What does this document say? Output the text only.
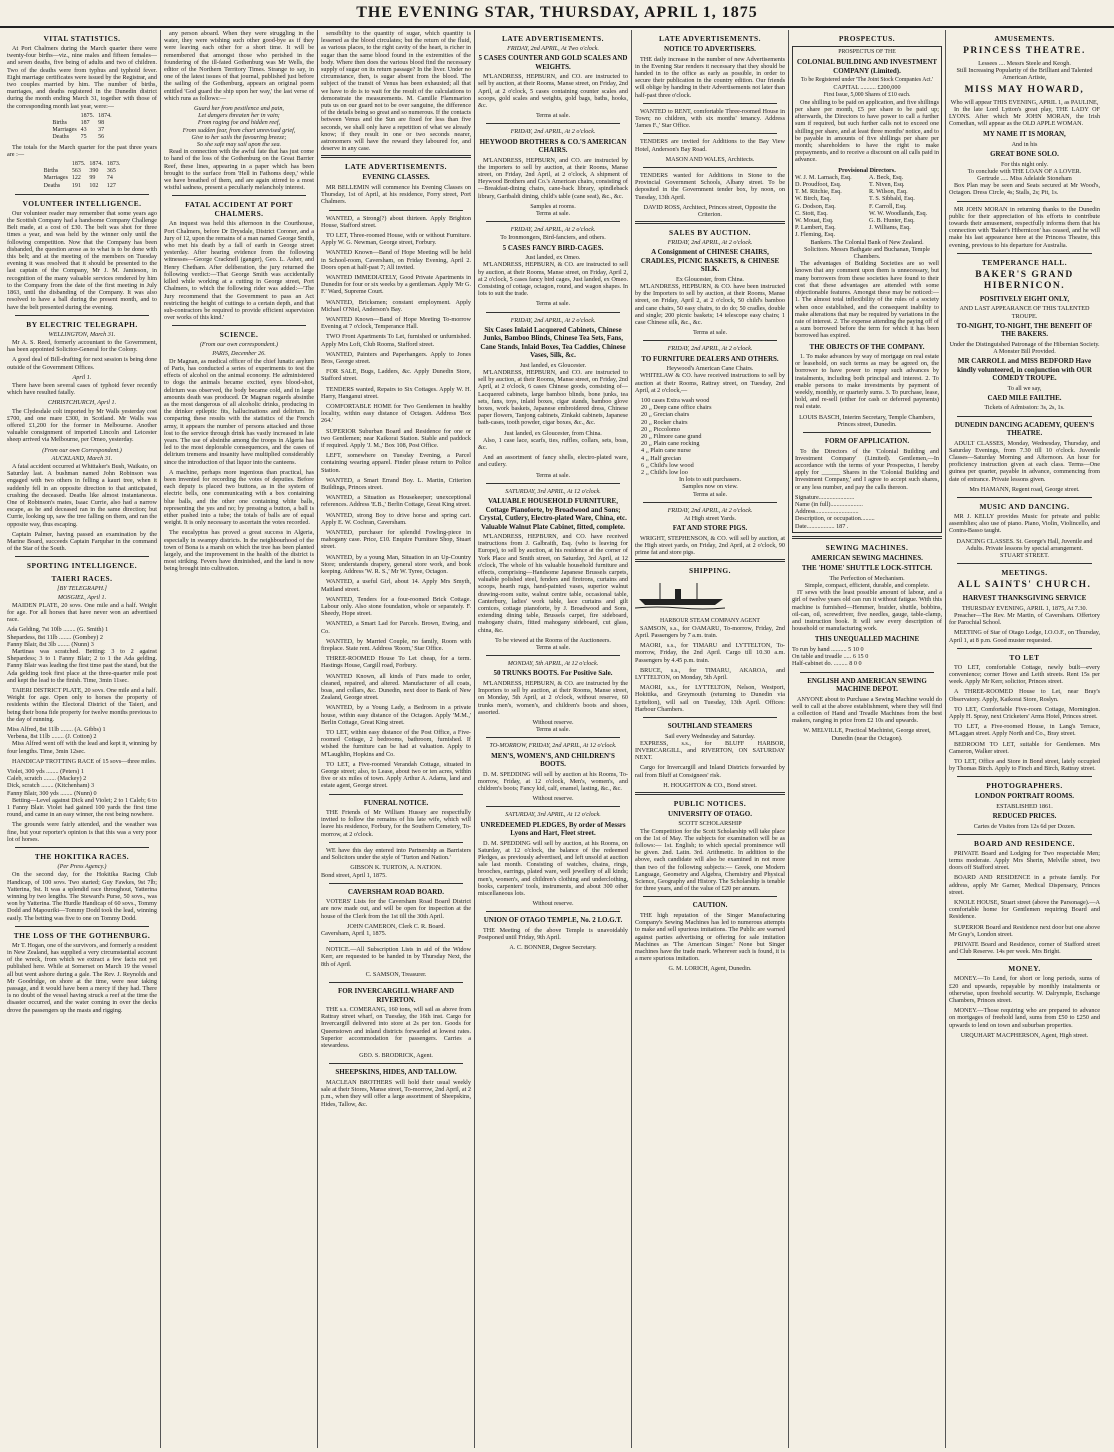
THE EVENING STAR, THURSDAY, APRIL 1, 1875
VITAL STATISTICS.

At Port Chalmers during the March quarter there were twenty-four births—viz., nine males and fifteen females—and seven deaths, five being of adults and two of children. Two of the deaths were from typhus and typhoid fever. Eight marriage certificates were issued by the Registrar, and two couples married by him. The number of births, marriages, and deaths registered in the Dunedin district during the month ending March 31, together with those of the corresponding month last year, were:—

	1875.	1874.
Births	187	98
Marriages	43	37
Deaths	75	56

The totals for the March quarter for the past three years are :—

	1875.	1874.	1873.
Births	563	390	365
Marriages	122	99	74
Deaths	191	102	127
VOLUNTEER INTELLIGENCE.

Our volunteer reader may remember that some years ago the Scottish Company had a handsome Company Challenge Belt made, at a cost of £30. The belt was shot for three times a year, and was held by the winner only until the following competition. Now that the Company has been disbanded, the question arose as to what is to be done with this belt; and at the meeting of the members on Tuesday evening it was resolved that it should be presented to the last captain of the Company, Mr J. M. Jamieson, in recognition of the many valuable services rendered by him to the Company from the date of the first meeting in July 1863, until the disbanding of the Company. It was also resolved to have a ball during the present month, and to have the belt presented during the evening.

BY ELECTRIC TELEGRAPH.
WELLINGTON, March 31.

Mr A. S. Reed, formerly accountant to the Government, has been appointed Solicitor-General for the Colony.

A good deal of Bill-drafting for next session is being done outside of the Government Offices.

April 1.

There have been several cases of typhoid fever recently which have resulted fatally.

CHRISTCHURCH, April 1.

The Clydesdale colt imported by Mr Walls yesterday cost £700, and one mare £300, in Scotland. Mr Walls was offered £1,200 for the former in Melbourne. Another valuable consignment of imported Lincoln and Leicester sheep arrived via Melbourne, per Omeo, yesterday.

(From our own Correspondent.)
AUCKLAND, March 31.

A fatal accident occurred at Whittaker's Bush, Waikato, on Saturday last. A bushman named John Robinson was engaged with two others in felling a kauri tree, when it suddenly fell in an opposite direction to that anticipated, crushing the deceased. Deaths like almost instantaneous. One of Robinson's mates, Isaac Currie, also had a narrow escape, as he and deceased ran in the same direction; but Currie, looking up, saw the tree falling on them, and ran the opposite way, thus escaping.

Captain Palmer, having passed an examination by the Marine Board, succeeds Captain Farquhar in the command of the Star of the South.

SPORTING INTELLIGENCE.
TAIERI RACES.
[BY TELEGRAPH.]
MOSGIEL, April 1.

MAIDEN PLATE, 20 sovs. One mile and a half. Weight for age. For all horses that have never won an advertised race.

Ada Gelding, 7st 10lb ........ (G. Smith) 1
Shepardess, 8st 11lb ........ (Gombey) 2
Fanny Blair, 8st 3lb ........ (Nunn) 3

Martinas was scratched. Betting: 3 to 2 against Shepardess; 3 to 1 Fanny Blair; 2 to 1 the Ada gelding. Fanny Blair was leading the first time past the stand, but the Ada gelding took first place at the three-quarter mile post and kept the lead to the finish. Time, 3min 11sec.

TAIERI DISTRICT PLATE, 20 sovs. One mile and a half. Weight for age. Open only to horses the property of residents within the Electoral District of the Taieri, and being their bona fide property for twelve months previous to the day of running.

Miss Alfred, 8st 11lb ........ (A. Gibbs) 1
Verbena, 8st 11lb ........ (J. Cotton) 2

Miss Alfred went off with the lead and kept it, winning by four lengths. Time, 3min 12sec.

HANDICAP TROTTING RACE of 15 sovs—three miles.

Violet, 300 yds ........ (Peters) 1
Caleb, scratch ........ (Mackey) 2
Dick, scratch ........ (Kitchenham) 3
Fanny Blair, 300 yds ........ (Nunn) 0

Betting—Level against Dick and Violet; 2 to 1 Caleb; 6 to 1 Fanny Blair. Violet had gained 100 yards the first time round, and came in an easy winner, the rest being nowhere.

The grounds were fairly attended, and the weather was fine, but your reporter's opinion is that this was a very poor lot of horses.

THE HOKITIKA RACES.
(Per Press Agency.)

On the second day, for the Hokitika Racing Club Handicap, of 100 sovs. Two started; Guy Fawkes, 9st 7lb; Yatterina, 9st. It was a splendid race throughout, Yatterina winning by two lengths. The Steward's Purse, 50 sovs., was won by Yatterina. The Hurdle Handicap of 60 sovs., Tommy Dodd and Mapouriki—Tommy Dodd took the lead, winning easily. The betting was five to one on Tommy Dodd.

THE LOSS OF THE GOTHENBURG.

Mr T. Hogan, one of the survivors, and formerly a resident in New Zealand, has supplied a very circumstantial account of the wreck, from which we extract a few facts not yet published here. While at Somerset on March 19 the vessel all but went ashore during a gale. The Rev. J. Reynolds and Mr Goodridge, on shore at the time, were near taking passage, and it would have been a mercy if they had. There is no doubt of the vessel having struck a reef at the time the disaster occurred, and the water coming in over the decks drove the passengers up the masts and rigging.

any person aboard. When they were struggling in the water, they were wishing such other good-bye as if they were leaving each other for a short time. It will be remembered that amongst those who perished in the foundering of the ill-fated Gothenburg was Mr Wells, the editor of the Northern Territory Times. Strange to say, in one of the latest issues of that journal, published just before the sailing of the Gothenburg, appears an original poem entitled 'God guard the ship upon her way,' the last verse of which runs as follows:—

Guard her from pestilence and pain,
Let dangers threaten her in vain;
From raging foe and hidden reef,
From sudden fear, from chart unrevised grief,
Give to her sails the favouring breeze;
So she safe may sail upon the sea.

Read in connection with the awful fate that has just come to hand of the loss of the Gothenburg on the Great Barrier Reef, these lines, appearing in a paper which has been brought to the surface from 'Hell in Fathoms deep,' while we have breathed of them, and are again stirred to a most wistful sadness, present a peculiarly melancholy interest.

FATAL ACCIDENT AT PORT CHALMERS.

An inquest was held this afternoon in the Courthouse, Port Chalmers, before Dr Drysdale, District Coroner, and a Jury of 12, upon the remains of a man named George Smith, who met his death by a fall of earth in George street yesterday. After hearing evidence from the following witnesses—George Cracknell (ganger), Geo. L. Asher, and Henry Chetham. After deliberation, the jury returned the following verdict:—That George Smith was accidentally killed while working at a cutting in George street, Port Chalmers, to which the following rider was added:—'The Jury recommend that the Government to pass an Act restricting the height of cuttings to a certain depth, and that sub-contractors be required to provide efficient supervision over works of this kind.'

SCIENCE.
(From our own correspondent.)
PARIS, December 26.

Dr Magnan, as medical officer of the chief lunatic asylum of Paris, has conducted a series of experiments to test the effects of alcohol on the animal economy. He administered to dogs the animals became excited, eyes blood-shot, delirium was observed, the body became cold, and in large amounts death was produced. Dr Magnan regards absinthe as the most dangerous of all alcoholic drinks, producing in the drinker epileptic fits, hallucinations and delirium. In comparing these results with the statistics of the French army, it appears the number of persons attacked and those lost to the service through drink has vastly increased in late years. The use of absinthe among the troops in Algeria has led to the most deplorable consequences, and the cases of delirium tremens and insanity have multiplied considerably since the introduction of that liquor into the canteens.

A machine, perhaps more ingenious than practical, has been invented for recording the votes of deputies. Before each deputy is placed two buttons, as in the system of electric bells, one communicating with a box containing blue balls, and the other one containing white balls, representing the yes and no; by pressing a button, a ball is either pushed into a tube; the totals of balls are of equal weight. It is only necessary to ascertain the votes recorded.

The eucalyptus has proved a great success in Algeria, especially in swampy districts. In the neighbourhood of the town of Bona is a marsh on which the tree has been planted largely, and the improvement in the health of the district is most striking. Fevers have diminished, and the land is now being brought into cultivation.

sensibility to the quantity of sugar, which quantity is lessened as the blood circulates; but the return of the fluid, as various places, to the right cavity of the heart, is richer in sugar than the same blood found in the extremities of the body. Where then does the various blood find the necessary supply of sugar on its return passage? In the liver. Under no circumstance, then, is sugar absent from the blood. The subject of the transit of Venus has been exhausted; all that we have to do is to wait for the result of the calculations to demonstrate the measurements. M. Camille Flammarion puts us on our guard not to be over sanguine, the difference of the details being so great and so numerous. If the contacts between Venus and the Sun are fixed for less than five seconds, we shall only have a repetition of what we already know; if they result in one or two seconds nearer, astronomers will have the reward they laboured for, and deserve in any case.

LATE ADVERTISEMENTS.
EVENING CLASSES.

MR BELLEMIN will commence his Evening Classes on Thursday, 1st of April, at his residence, Forry street, Port Chalmers.

WANTED, a Strong(?) about thirteen. Apply Brighton House, Stafford street.

TO LET, Three-roomed House, with or without Furniture. Apply W. G. Newman, George street, Forbury.

WANTED Known—Band of Hope Meeting will be held in School-room, Caversham, on Friday Evening, April 2. Doors open at half-past 7; All invited.

WANTED IMMEDIATELY, Good Private Apartments in Dunedin for four or six weeks by a gentleman. Apply 'Mr G. F.' Ward, Supreme Court.

WANTED, Bricksmen; constant employment. Apply Michael O'Niel, Anderson's Bay.

WANTED Known—Band of Hope Meeting To-morrow Evening at 7 o'clock, Temperance Hall.

TWO Front Apartments To Let, furnished or unfurnished. Apply Mrs Loft, Club Rooms, Stafford street.

WANTED, Painters and Paperhangers. Apply to Jones Bros, George street.

FOR SALE, Bugs, Ladders, &c. Apply Dunedin Store, Stafford street.

TENDERS wanted, Repairs to Six Cottages. Apply W. H. Harry, Hanganui street.

COMFORTABLE HOME for Two Gentlemen in healthy locality, within easy distance of Octagon. Address 'Box 264.'

SUPERIOR Suburban Board and Residence for one or two Gentlemen; near Kaikorai Station. Stable and paddock if required. Apply 'J. M.,' Box 108, Post Office.

LEFT, somewhere on Tuesday Evening, a Parcel containing wearing apparel. Finder please return to Police Station.

WANTED, a Smart Errand Boy. L. Martin, Criterion Buildings, Princes street.

WANTED, a Situation as Housekeeper; unexceptional references. Address 'E.B.,' Berlin Cottage, Great King street.

WANTED, strong Boy to drive horse and spring cart. Apply E. W. Cochran, Caversham.

WANTED, purchaser for splendid Fowling-piece in mahogany case. Price, £10. Enquire Furniture Shop, Stuart street.

WANTED, by a young Man, Situation in an Up-Country Store; understands drapery, general store work, and book keeping. Address 'W. R. S.,' Mr W. Tyree, Octagon.

WANTED, a useful Girl, about 14. Apply Mrs Smyth, Maitland street.

WANTED, Tenders for a four-roomed Brick Cottage. Labour only. Also stone foundation, whole or separately. F. Sheedy, Hope street.

WANTED, a Smart Lad for Parcels. Brown, Ewing, and Co.

WANTED, by Married Couple, no family, Room with fireplace. State rent. Address 'Room,' Star Office.

THREE-ROOMED House To Let cheap, for a term. Hastings House, Cargill road, Forbury.

WANTED Known, all kinds of Furs made to order, cleaned, repaired, and altered. Manufacturer of all coats, boas, and collars, &c. Dunedin, next door to Bank of New Zealand, George street.

WANTED, by a Young Lady, a Bedroom in a private house, within easy distance of the Octagon. Apply 'M.M.,' Berlin Cottage, Great King street.

TO LET, within easy distance of the Post Office, a Five-roomed Cottage, 2 bedrooms, bathroom, furnished. If wished the furniture can be had at valuation. Apply to M'Laughlin, Hopkins and Co.

TO LET, a Five-roomed Verandah Cottage, situated in George street; also, to Lease, about two or ten acres, within five or six miles of town. Apply Arthur A. Adams, land and estate agent, George street.

FUNERAL NOTICE.

THE Friends of Mr William Hussey are respectfully invited to follow the remains of his late wife, which will leave his residence, Forbury, for the Southern Cemetery, To-morrow, at 2 o'clock.

WE have this day entered into Partnership as Barristers and Solicitors under the style of 'Turton and Nation.'

GIBSON K. TURTON, A. NATION.
Bond street, April 1, 1875.
CAVERSHAM ROAD BOARD.

VOTERS' Lists for the Caversham Road Board District are now made out, and will be open for inspection at the house of the Clerk from the 1st till the 30th April.

JOHN CAMERON, Clerk C. R. Board.
Caversham, April 1, 1875.

NOTICE.—All Subscription Lists in aid of the Widow Kerr, are requested to be handed in by Thursday Next, the 8th of April.

C. SAMSON, Treasurer.
FOR INVERCARGILL WHARF AND RIVERTON.

THE s.s. COMERANG, 160 tons, will sail as above from Rattray street wharf, on Tuesday, the 16th inst. Cargo for Invercargill delivered into store at 2s per ton. Goods for Queenstown and inland districts forwarded at lowest rates. Superior accommodation for passengers. Carries a stewardess.

GEO. S. BRODRICK, Agent.
SHEEPSKINS, HIDES, AND TALLOW.

MACLEAN BROTHERS will hold their usual weekly sale at their Stores, Manse street, To-morrow, 2nd April, at 2 p.m., when they will offer a large assortment of Sheepskins, Hides, Tallow, &c.

LATE ADVERTISEMENTS.
FRIDAY, 2nd APRIL, At Two o'clock.
5 CASES COUNTER AND GOLD SCALES AND WEIGHTS.

M'LANDRESS, HEPBURN, and CO. are instructed to sell by auction, at their Rooms, Manse street, on Friday, 2nd April, at 2 o'clock, 5 cases containing counter scales and scoops, gold scales and weights, gold bags, baths, hooks, &c.

Terms at sale.
FRIDAY, 2nd APRIL, At 2 o'clock.
HEYWOOD BROTHERS & CO.'S AMERICAN CHAIRS.

M'LANDRESS, HEPBURN, and CO. are instructed by the importers to sell by auction, at their Rooms, Manse street, on Friday, 2nd April, at 2 o'clock, A shipment of Heywood Brothers and Co.'s American chairs, consisting of—Breakfast-dining chairs, cane-back library, spindleback library, Garibaldi dining, child's table (cane seat), &c., &c.

Samples at rooms.
Terms at sale.
FRIDAY, 2nd APRIL, At 2 o'clock.
To Ironmongers, Bird-fanciers, and others.
5 CASES FANCY BIRD-CAGES.
Just landed, ex Omeo.

M'LANDRESS, HEPBURN, & CO. are instructed to sell by auction, at their Rooms, Manse street, on Friday, April 2, at 2 o'clock, 5 cases fancy bird cages, Just landed, ex Omeo. Consisting of cottage, octagon, round, and wagon shapes. In lots to suit the trade.

Terms at sale.
FRIDAY, 2nd APRIL, At 2 o'clock.
Six Cases Inlaid Lacquered Cabinets, Chinese Junks, Bamboo Blinds, Chinese Tea Sets, Fans, Cane Stands, Inlaid Boxes, Tea Caddies, Chinese Vases, Silk, &c.
Just landed, ex Gloucester.

M'LANDRESS, HEPBURN, and CO. are instructed to sell by auction, at their Rooms, Manse street, on Friday, 2nd April, at 2 o'clock, 6 cases Chinese goods, consisting of—Lacquered cabinets, large bamboo blinds, bone junks, tea sets, fans, toys, inlaid boxes, cigar stands, bamboo glove boxes, work baskets, Japanese embroidered dress, Chinese paper flowers, Tanjong cabinets, Zinkaki cabinets, Japanese bath-cases, tooth powder, cigar boxes, &c., &c.

Just landed, ex Gloucester, from China.

Also, 1 case lace, scarfs, ties, ruffles, collars, sets, boas, &c.

And an assortment of fancy shells, electro-plated ware, and cutlery.

Terms at sale.
SATURDAY, 3rd APRIL, At 12 o'clock.
VALUABLE HOUSEHOLD FURNITURE, Cottage Pianoforte, by Broadwood and Sons; Crystal, Cutlery, Electro-plated Ware, China, etc. Valuable Walnut Plate Cabinet, fitted, complete.

M'LANDRESS, HEPBURN, and CO. have received instructions from J. Galbraith, Esq. (who is leaving for Europe), to sell by auction, at his residence at the corner of York Place and Smith street, on Saturday, 3rd April, at 12 o'clock, The whole of his valuable household furniture and effects, comprising—Handsome Japanese Brussels carpets, valuable polished steel, fenders and fireirons, curtains and scoops, hearth rugs, hand-painted vases, superior walnut drawing-room suite, walnut centre table, occasional table, Canterbury, ladies' work table, lace curtains and gilt cornices, cottage pianoforte, by J. Broadwood and Sons, extending dining table, Brussels carpet, fire sideboard, mahogany chairs, fitted mahogany sideboard, cut glass, china, &c.

To be viewed at the Rooms of the Auctioneers.
Terms at sale.
MONDAY, 5th APRIL, At 12 o'clock.
50 TRUNKS BOOTS. For Positive Sale.

M'LANDRESS, HEPBURN, & CO. are instructed by the Importers to sell by auction, at their Rooms, Manse street, on Monday, 5th April, at 2 o'clock, without reserve, 60 trunks men's, women's, and children's boots and shoes, assorted.

Without reserve.
Terms at sale.
TO-MORROW, FRIDAY, 2nd APRIL, At 12 o'clock.
MEN'S, WOMEN'S, AND CHILDREN'S BOOTS.

D. M. SPEDDING will sell by auction at his Rooms, To-morrow, Friday, at 12 o'clock, Men's, women's, and children's boots; Fancy kid, calf, enamel, lasting, &c., &c.

Without reserve.
SATURDAY, 3rd APRIL, At 12 o'clock.
UNREDEEMED PLEDGES, By order of Messrs Lyons and Hart, Fleet street.

D. M. SPEDDING will sell by auction, at his Rooms, on Saturday, at 12 o'clock, the balance of the redeemed Pledges, as previously advertised, and left unsold at auction sale last month. Consisting of watches, chains, rings, brooches, earrings, plated ware, well jewellery of all kinds; men's, women's, and children's clothing and underclothing, books, carpenters' tools, instruments, and about 300 other miscellaneous lots.

Without reserve.
UNION OF OTAGO TEMPLE, No. 2 I.O.G.T.

THE Meeting of the above Temple is unavoidably Postponed until Friday, 9th April.

A. C. BONNER, Degree Secretary.
LATE ADVERTISEMENTS.
NOTICE TO ADVERTISERS.

THE daily increase in the number of new Advertisements in the Evening Star renders it necessary that they should be handed in to the office as early as possible, in order to secure their publication in the country edition. Our friends will oblige by handing in their Advertisements not later than half-past three o'clock.

WANTED to RENT, comfortable Three-roomed House in Town; no children, with six months' tenancy. Address 'James F.,' Star Office.

TENDERS are invited for Additions to the Bay View Hotel, Anderson's Bay Road.

MASON AND WALES, Architects.

TENDERS wanted for Additions in Stone to the Provincial Government Schools, Albany street. To be deposited in the Government tender box, by noon, on Tuesday, 13th April.

DAVID ROSS, Architect, Princes street, Opposite the Criterion.
SALES BY AUCTION.
FRIDAY, 2nd APRIL, At 2 o'clock.
A Consignment of CHINESE CHAIRS, CRADLES, PICNIC BASKETS, & CHINESE SILK.
Ex Gloucester, from China.

M'LANDRESS, HEPBURN, & CO. have been instructed by the Importers to sell by auction, at their Rooms, Manse street, on Friday, April 2, at 2 o'clock, 50 child's bamboo and cane chairs, 50 easy chairs, to do do; 50 cradles, double and single; 200 picnic baskets; 14 telescope easy chairs; 1 case Chinese silk, &c., &c.

Terms at sale.
FRIDAY, 2nd APRIL, At 2 o'clock.
TO FURNITURE DEALERS AND OTHERS.
Heywood's American Cane Chairs.

WHITELAW & CO. have received instructions to sell by auction at their Rooms, Rattray street, on Tuesday, 2nd April, at 2 o'clock,—

100 cases Extra wash wood
20 ,, Deep cane office chairs
20 ,, Grecian chairs
20 ,, Rocker chairs
20 ,, Piccolomo
20 ,, Filmore cane grand
20 ,, Plain cane rocking
4 ,, Plain cane nurse
4 ,, Half grecian
6 ,, Child's low wood
2 ,, Child's low loo
In lots to suit purchasers.
Samples now on view.
Terms at sale.
FRIDAY, 2nd APRIL, At 2 o'clock.
At High street Yards.
FAT AND STORE PIGS.

WRIGHT, STEPHENSON, & CO. will sell by auction, at the High street yards, on Friday, 2nd April, at 2 o'clock, 90 prime fat and store pigs.

SHIPPING.
HARBOUR STEAM COMPANY AGENT

SAMSON, s.s., for OAMARU, To-morrow, Friday, 2nd April. Passengers by 7 a.m. train.

MAORI, s.s., for TIMARU and LYTTELTON, To-morrow, Friday, the 2nd April. Cargo till 10.30 a.m. Passengers by 4.45 p.m. train.

BRUCE, s.s., for TIMARU, AKAROA, and LYTTELTON, on Monday, 5th April.

MAORI, s.s., for LYTTELTON, Nelson, Westport, Hokitika, and Greymouth (returning to Dunedin via Lyttelton), will sail on Tuesday, 13th April. Offices: Harbour Chambers.

SOUTHLAND STEAMERS
Sail every Wednesday and Saturday.

EXPRESS, s.s., for BLUFF HARBOR, INVERCARGILL, and RIVERTON, ON SATURDAY NEXT.

Cargo for Invercargill and Inland Districts forwarded by rail from Bluff at Consignees' risk.

H. HOUGHTON & CO., Bond street.
PUBLIC NOTICES.
UNIVERSITY OF OTAGO.
SCOTT SCHOLARSHIP

The Competition for the Scott Scholarship will take place on the 1st of May. The subjects for examination will be as follows:— 1st. English; to which special prominence will be given. 2nd. Latin. 3rd. Arithmetic. In addition to the above, each candidate will also be examined in not more than two of the following subjects:— Greek, one Modern Language, Geometry and Algebra, Chemistry and Physical Science, Geography and History. The Scholarship is tenable for three years, and of the value of £20 per annum.

CAUTION.

THE high reputation of the Singer Manufacturing Company's Sewing Machines has led to numerous attempts to make and sell spurious imitations. The Public are warned against parties advertising or offering for sale imitation Machines as 'The American Singer.' None but Singer machines have the trade mark. Wherever such is found, it is a mere spurious imitation.

G. M. LORICH, Agent, Dunedin.
PROSPECTUS.
PROSPECTUS OF THE
COLONIAL BUILDING AND INVESTMENT COMPANY (Limited).
To be Registered under 'The Joint Stock Companies Act.'
CAPITAL .......... £200,000
First Issue, 5,000 Shares of £10 each.

One shilling to be paid on application, and five shillings per share per month, £5 per share to be paid up; afterwards, the Directors to have power to call a further sum if required, but such further calls not to exceed one shilling per share, and at least three months' notice, and to be payable in amounts of five shillings per share per month; shareholders to have the right to make prepayments, and to receive a discount on all calls paid in advance.

Provisional Directors.
W. J. M. Larnach, Esq.
D. Proudfoot, Esq.
T. M. Ritchie, Esq.
W. Birch, Esq.
G. Dodson, Esq.
C. Stott, Esq.
W. Mouat, Esq.
P. Lambert, Esq.
J. Fleming, Esq.
A. Beck, Esq.
T. Niven, Esq.
R. Wilson, Esq.
T. S. Sibbald, Esq.
F. Carroll, Esq.
W. W. Woodlands, Esq.
G. B. Hunter, Esq.
J. Williams, Esq.
Bankers. The Colonial Bank of New Zealand.
Solicitors. Messrs Bathgate and Buchanan, Temple Chambers.

The advantages of Building Societies are so well known that any comment upon them is unnecessary, but many borrowers from these societies have found to their cost that these advantages are attended with some objectionable features. Amongst these may be noticed:— 1. The almost total inflexibility of the rules of a society when once established, and the consequent inability to make alterations that may be required by variations in the rate of interest. 2. The expense attending the paying off of a sum borrowed before the term for which it has been borrowed has expired.

THE OBJECTS OF THE COMPANY.

1. To make advances by way of mortgage on real estate or leasehold, on such terms as may be agreed on, the borrower to have power to repay such advances by instalments, including both principal and interest. 2. To enable persons to make investments by payment of weekly, monthly, or quarterly sums. 3. To purchase, lease, hold, and re-sell (either for cash or deferred payments) real estate.

LOUIS BASCH, Interim Secretary, Temple Chambers, Princes street, Dunedin.
FORM OF APPLICATION.

To the Directors of the 'Colonial Building and Investment Company' (Limited). Gentlemen,—In accordance with the terms of your Prospectus, I hereby apply for ______ Shares in the 'Colonial Building and Investment Company,' and I agree to accept such shares, or any less number, and pay the calls thereon.

Signature.......................
Name (in full).....................
Address............................
Description, or occupation.........
Date.................. 187 .
SEWING MACHINES.
AMERICAN SEWING MACHINES.
THE 'HOME' SHUTTLE LOCK-STITCH.
The Perfection of Mechanism.
Simple, compact, efficient, durable, and complete.

IT sews with the least possible amount of labour, and a girl of twelve years old can run it without fatigue. With this machine is furnished—Hemmer, braider, shuttle, bobbins, oil-can, oil, screwdriver, five needles, gauge, table-clamp, and instruction book. It will sew every description of household or manufacturing work.

THIS UNEQUALLED MACHINE
To run by hand .......... 5 10 0
On table and treadle ..... 6 15 0
Half-cabinet do. ......... 8 0 0
ENGLISH AND AMERICAN SEWING MACHINE DEPOT.

ANYONE about to Purchase a Sewing Machine would do well to call at the above establishment, where they will find a collection of Hand and Treadle Machines from the best makers, ranging in price from £2 10s and upwards.

W. MELVILLE, Practical Machinist, George street, Dunedin (near the Octagon).
AMUSEMENTS.
PRINCESS THEATRE.
Lessees .... Messrs Steele and Keogh.
Still Increasing Popularity of the Brilliant and Talented American Artiste,
MISS MAY HOWARD,
Who will appear THIS EVENING, APRIL 1, as PAULINE,

In the late Lord Lytton's great play, THE LADY OF LYONS. After which Mr JOHN MORAN, the Irish Comedian, will appear as the OLD APPLE WOMAN.

MY NAME IT IS MORAN,
And in his
GREAT BONE SOLO.
For this night only.
To conclude with THE LOAN OF A LOVER.
Gertrude ..... Miss Adelaide Stoneham

Box Plan may be seen and Seats secured at Mr Wood's, Octagon. Dress Circle, 4s; Stalls, 2s; Pit, 1s.

MR JOHN MORAN in returning thanks to the Dunedin public for their appreciation of his efforts to contribute towards their amusement, respectfully informs them that his connection with 'Baker's Hibernicon' has ceased, and he will make his last appearance here at the Princess Theatre, this evening, previous to his departure for Australia.

TEMPERANCE HALL.
BAKER'S GRAND HIBERNICON.
POSITIVELY EIGHT ONLY,
AND LAST APPEARANCE OF THIS TALENTED TROUPE.
TO-NIGHT, TO-NIGHT, THE BENEFIT OF THE BAKERS.
Under the Distinguished Patronage of the Hibernian Society.
A Monster Bill Provided.
MR CARROLL and MISS BEDFORD Have kindly volunteered, in conjunction with OUR COMEDY TROUPE.
To all we say,
CAED MILE FAILTHE.
Tickets of Admission: 3s, 2s, 1s.
DUNEDIN DANCING ACADEMY, QUEEN'S THEATRE.

ADULT CLASSES, Monday, Wednesday, Thursday, and Saturday Evenings, from 7.30 till 10 o'clock. Juvenile Classes—Saturday Morning and Afternoon. An hour for proficiency instruction given at each class. Terms—One guinea per quarter, payable in advance, commencing from date of entrance. Private lessons given.

Mrs HAMANN, Regent road, George street.
MUSIC AND DANCING.

MR J. KELLY provides Music for private and public assemblies; also use of piano. Piano, Violin, Violincello, and Contra-Basso taught.

DANCING CLASSES. St. George's Hall, Juvenile and Adults. Private lessons by special arrangement.
STUART STREET.
MEETINGS.
ALL SAINTS' CHURCH.
HARVEST THANKSGIVING SERVICE
THURSDAY EVENING, APRIL 1, 1875, At 7.30.

Preacher—The Rev. Mr Martin, of Caversham. Offertory for Parochial School.

MEETING of Star of Otago Lodge, I.O.O.F., on Thursday, April 1, at 8 p.m. Good muster requested.

TO LET

TO LET, comfortable Cottage, newly built—every convenience; corner Howe and Leith streets. Rent 15s per week. Apply Mr Kerr, solicitor, Princes street.

A THREE-ROOMED House to Let, near Bray's Observatory. Apply, Kaikorai Store, Roslyn.

TO LET, Comfortable Five-room Cottage, Mornington. Apply H. Spray, next Cricketers' Arms Hotel, Princes street.

TO LET, a Five-roomed House, in Lang's Terrace, M'Laggan street. Apply North and Co., Bray street.

BEDROOM TO LET, suitable for Gentlemen. Mrs Cameron, Walker street.

TO LET, Office and Store in Bond street, lately occupied by Thomas Birch. Apply to Finch and Birch, Rattray street.

PHOTOGRAPHERS.
LONDON PORTRAIT ROOMS.
ESTABLISHED 1861.
REDUCED PRICES.
Cartes de Visites from 12s 6d per Dozen.
BOARD AND RESIDENCE.

PRIVATE Board and Lodging for Two respectable Men; terms moderate. Apply Mrs Sherin, Melville street, two doors off Stafford street.

BOARD AND RESIDENCE in a private family. For address, apply Mr Garner, Medical Dispensary, Princes street.

KNOLE HOUSE, Stuart street (above the Parsonage).—A comfortable home for Gentlemen requiring Board and Residence.

SUPERIOR Board and Residence next door but one above Mr Gray's, London street.

PRIVATE Board and Residence, corner of Stafford street and Club Reserve. 14s per week. Mrs Bright.

MONEY.

MONEY.—To Lend, for short or long periods, sums of £20 and upwards, repayable by monthly instalments or otherwise, upon freehold security. W. Dalrymple, Exchange Chambers, Princes street.

MONEY.—Those requiring who are prepared to advance on mortgages of freehold land, sums from £50 to £250 and upwards to lend on town and suburban properties.

URQUHART MACPHERSON, Agent, High street.
